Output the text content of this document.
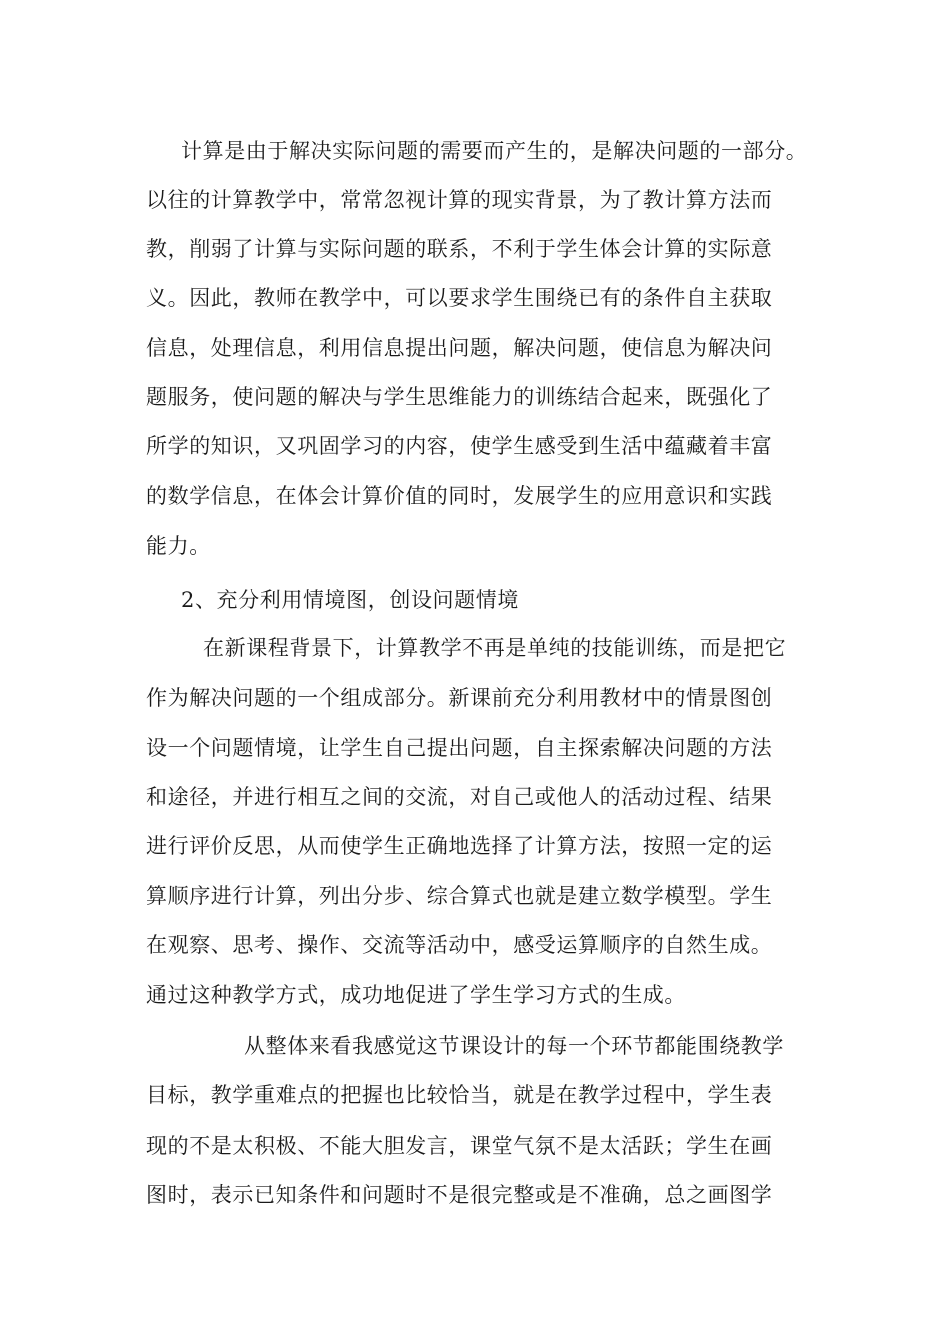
计算是由于解决实际问题的需要而产生的，是解决问题的一部分。
以往的计算教学中，常常忽视计算的现实背景，为了教计算方法而
教，削弱了计算与实际问题的联系，不利于学生体会计算的实际意
义。因此，教师在教学中，可以要求学生围绕已有的条件自主获取
信息，处理信息，利用信息提出问题，解决问题，使信息为解决问
题服务，使问题的解决与学生思维能力的训练结合起来，既强化了
所学的知识，又巩固学习的内容，使学生感受到生活中蕴藏着丰富
的数学信息，在体会计算价值的同时，发展学生的应用意识和实践
能力。
2、充分利用情境图，创设问题情境
在新课程背景下，计算教学不再是单纯的技能训练，而是把它
作为解决问题的一个组成部分。新课前充分利用教材中的情景图创
设一个问题情境，让学生自己提出问题，自主探索解决问题的方法
和途径，并进行相互之间的交流，对自己或他人的活动过程、结果
进行评价反思，从而使学生正确地选择了计算方法，按照一定的运
算顺序进行计算，列出分步、综合算式也就是建立数学模型。学生
在观察、思考、操作、交流等活动中，感受运算顺序的自然生成。
通过这种教学方式，成功地促进了学生学习方式的生成。
从整体来看我感觉这节课设计的每一个环节都能围绕教学
目标，教学重难点的把握也比较恰当，就是在教学过程中，学生表
现的不是太积极、不能大胆发言，课堂气氛不是太活跃；学生在画
图时，表示已知条件和问题时不是很完整或是不准确，总之画图学
